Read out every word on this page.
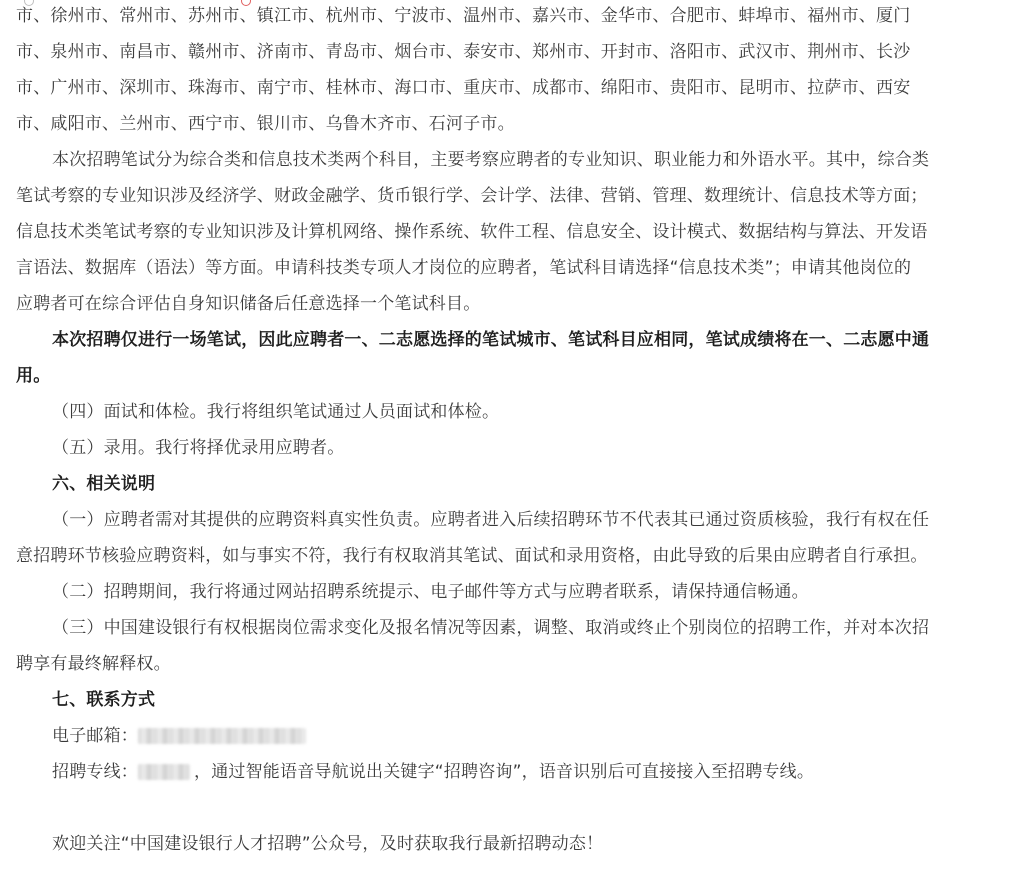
市、徐州市、常州市、苏州市、镇江市、杭州市、宁波市、温州市、嘉兴市、金华市、合肥市、蚌埠市、福州市、厦门
市、泉州市、南昌市、赣州市、济南市、青岛市、烟台市、泰安市、郑州市、开封市、洛阳市、武汉市、荆州市、长沙
市、广州市、深圳市、珠海市、南宁市、桂林市、海口市、重庆市、成都市、绵阳市、贵阳市、昆明市、拉萨市、西安
市、咸阳市、兰州市、西宁市、银川市、乌鲁木齐市、石河子市。
本次招聘笔试分为综合类和信息技术类两个科目，主要考察应聘者的专业知识、职业能力和外语水平。其中，综合类
笔试考察的专业知识涉及经济学、财政金融学、货币银行学、会计学、法律、营销、管理、数理统计、信息技术等方面；
信息技术类笔试考察的专业知识涉及计算机网络、操作系统、软件工程、信息安全、设计模式、数据结构与算法、开发语
言语法、数据库（语法）等方面。申请科技类专项人才岗位的应聘者，笔试科目请选择“信息技术类”；申请其他岗位的
应聘者可在综合评估自身知识储备后任意选择一个笔试科目。
本次招聘仅进行一场笔试，因此应聘者一、二志愿选择的笔试城市、笔试科目应相同，笔试成绩将在一、二志愿中通
用。
（四）面试和体检。我行将组织笔试通过人员面试和体检。
（五）录用。我行将择优录用应聘者。
六、相关说明
（一）应聘者需对其提供的应聘资料真实性负责。应聘者进入后续招聘环节不代表其已通过资质核验，我行有权在任
意招聘环节核验应聘资料，如与事实不符，我行有权取消其笔试、面试和录用资格，由此导致的后果由应聘者自行承担。
（二）招聘期间，我行将通过网站招聘系统提示、电子邮件等方式与应聘者联系，请保持通信畅通。
（三）中国建设银行有权根据岗位需求变化及报名情况等因素，调整、取消或终止个别岗位的招聘工作，并对本次招
聘享有最终解释权。
七、联系方式
电子邮箱：
招聘专线：	，通过智能语音导航说出关键字“招聘咨询”，语音识别后可直接接入至招聘专线。
欢迎关注“中国建设银行人才招聘”公众号，及时获取我行最新招聘动态！
